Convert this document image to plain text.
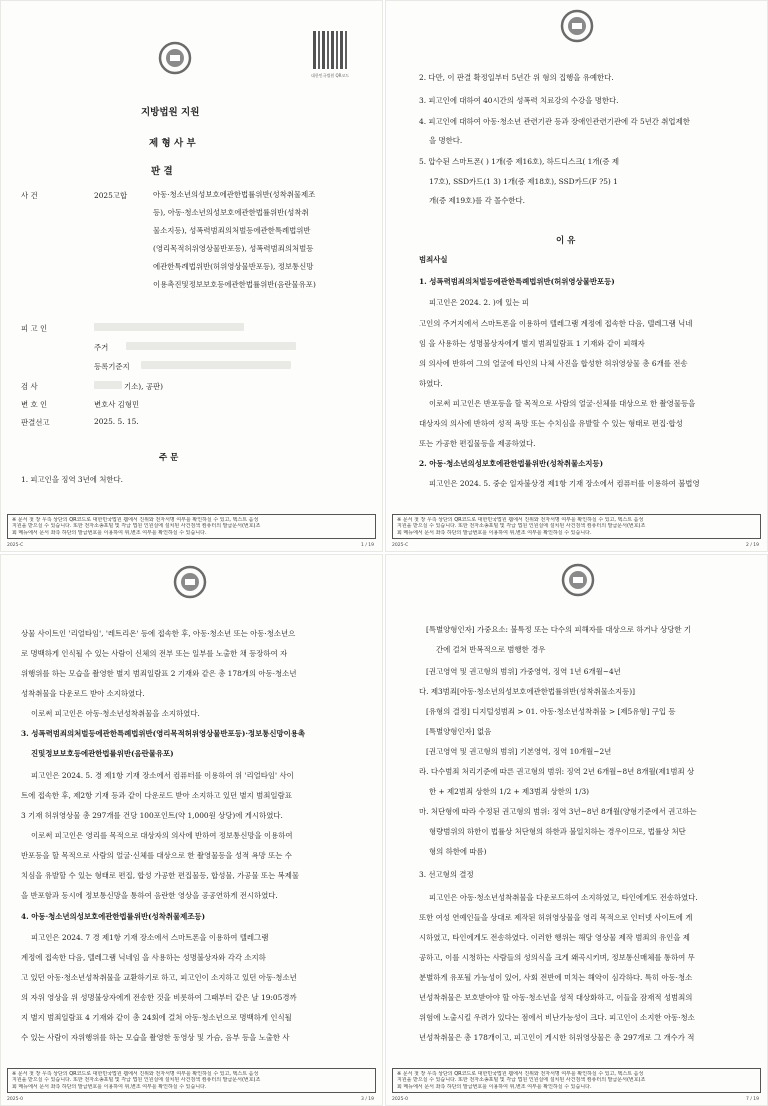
대한민국법원 QR코드
지방법원 지원
제 형 사 부
판 결
사 건	2025고합	아동·청소년의성보호에관한법률위반(성착취물제조
등), 아동·청소년의성보호에관한법률위반(성착취
물소지등), 성폭력범죄의처벌등에관한특례법위반
(영리목적허위영상물반포등), 성폭력범죄의처벌등
에관한특례법위반(허위영상물반포등), 정보통신망
이용촉진및정보보호등에관한법률위반(음란물유포)
피 고 인
주거
등록기준지
검 사	기소), 공판)
변 호 인	변호사 김형민
판결선고	2025. 5. 15.
주 문
1. 피고인을 징역 3년에 처한다.
※ 문서 첫 장 우측 상단의 QR코드로 대한민국법원 웹에서 진위와 전자서명 여부를 확인하실 수 있고, 텍스트 음성
지원을 받으실 수 있습니다. 또한 전자소송포털 및 각급 법원 인원실에 설치된 사건검색 컴퓨터의 발급문서(번호)조
회 메뉴에서 문서 좌측 하단의 발급번호를 이용하여 위,변조 여부를 확인하실 수 있습니다.
2025-C	1 / 19
2. 다만, 이 판결 확정일부터 5년간 위 형의 집행을 유예한다.
3. 피고인에 대하여 40시간의 성폭력 치료강의 수강을 명한다.
4. 피고인에 대하여 아동·청소년 관련기관 등과 장애인관련기관에 각 5년간 취업제한
을 명한다.
5. 압수된 스마트폰( ) 1개(증 제16호), 하드디스크( 1개(증 제
17호), SSD카드(1 3) 1개(증 제18호), SSD카드(F ?5) 1
개(증 제19호)를 각 몰수한다.
이 유
범죄사실
1. 성폭력범죄의처벌등에관한특례법위반(허위영상물반포등)
피고인은 2024. 2. )에 있는 피
고인의 주거지에서 스마트폰을 이용하여 텔레그램 계정에 접속한 다음, 텔레그램 닉네
임 을 사용하는 성명불상자에게 별지 범죄일람표 1 기재와 같이 피해자
의 의사에 반하여 그의 얼굴에 타인의 나체 사진을 합성한 허위영상물 총 6개를 전송
하였다.
이로써 피고인은 반포등을 할 목적으로 사람의 얼굴·신체를 대상으로 한 촬영물등을
대상자의 의사에 반하여 성적 욕망 또는 수치심을 유발할 수 있는 형태로 편집·합성
또는 가공한 편집물등을 제공하였다.
2. 아동·청소년의성보호에관한법률위반(성착취물소지등)
피고인은 2024. 5. 중순 일자불상경 제1항 기재 장소에서 컴퓨터를 이용하여 불법영
※ 문서 첫 장 우측 상단의 QR코드로 대한민국법원 웹에서 진위와 전자서명 여부를 확인하실 수 있고, 텍스트 음성
지원을 받으실 수 있습니다. 또한 전자소송포털 및 각급 법원 인원실에 설치된 사건검색 컴퓨터의 발급문서(번호)조
회 메뉴에서 문서 좌측 하단의 발급번호를 이용하여 위,변조 여부를 확인하실 수 있습니다.
2025-C	2 / 19
상물 사이트인 '리얼타임', '레트리온' 등에 접속한 후, 아동·청소년 또는 아동·청소년으
로 명백하게 인식될 수 있는 사람이 신체의 전부 또는 일부를 노출한 채 등장하여 자
위행위를 하는 모습을 촬영한 별지 범죄일람표 2 기재와 같은 총 178개의 아동·청소년
성착취물을 다운로드 받아 소지하였다.
이로써 피고인은 아동·청소년성착취물을 소지하였다.
3. 성폭력범죄의처벌등에관한특례법위반(영리목적허위영상물반포등)·정보통신망이용촉
진및정보보호등에관한법률위반(음란물유포)
피고인은 2024. 5. 경 제1항 기재 장소에서 컴퓨터를 이용하여 위 '리얼타임' 사이
트에 접속한 후, 제2항 기재 등과 같이 다운로드 받아 소지하고 있던 별지 범죄일람표
3 기재 허위영상물 총 297개를 건당 100포인트(약 1,000원 상당)에 게시하였다.
이로써 피고인은 영리를 목적으로 대상자의 의사에 반하여 정보통신망을 이용하여
반포등을 할 목적으로 사람의 얼굴·신체를 대상으로 한 촬영물등을 성적 욕망 또는 수
치심을 유발할 수 있는 형태로 편집, 합성 가공한 편집물등, 합성물, 가공물 또는 복제물
을 반포함과 동시에 정보통신망을 통하여 음란한 영상을 공공연하게 전시하였다.
4. 아동·청소년의성보호에관한법률위반(성착취물제조등)
피고인은 2024. 7 경 제1항 기재 장소에서 스마트폰을 이용하여 텔레그램
계정에 접속한 다음, 텔레그램 닉네임 을 사용하는 성명불상자와 각각 소지하
고 있던 아동·청소년성착취물을 교환하기로 하고, 피고인이 소지하고 있던 아동·청소년
의 자위 영상을 위 성명불상자에게 전송한 것을 비롯하여 그때부터 같은 날 19:05경까
지 별지 범죄일람표 4 기재와 같이 총 24회에 걸쳐 아동·청소년으로 명백하게 인식될
수 있는 사람이 자위행위를 하는 모습을 촬영한 동영상 및 가슴, 음부 등을 노출한 사
※ 문서 첫 장 우측 상단의 QR코드로 대한민국법원 웹에서 진위와 전자서명 여부를 확인하실 수 있고, 텍스트 음성
지원을 받으실 수 있습니다. 또한 전자소송포털 및 각급 법원 인원실에 설치된 사건검색 컴퓨터의 발급문서(번호)조
회 메뉴에서 문서 좌측 하단의 발급번호를 이용하여 위,변조 여부를 확인하실 수 있습니다.
2025-0	3 / 19
[특별양형인자] 가중요소: 불특정 또는 다수의 피해자를 대상으로 하거나 상당한 기
간에 걸쳐 반복적으로 범행한 경우
[권고영역 및 권고형의 범위] 가중영역, 징역 1년 6개월~4년
다. 제3범죄[아동·청소년의성보호에관한법률위반(성착취물소지등)]
[유형의 결정] 디지털성범죄 > 01. 아동·청소년성착취물 > [제5유형] 구입 등
[특별양형인자] 없음
[권고영역 및 권고형의 범위] 기본영역, 징역 10개월~2년
라. 다수범죄 처리기준에 따른 권고형의 범위: 징역 2년 6개월~8년 8개월(제1범죄 상
한 + 제2범죄 상한의 1/2 + 제3범죄 상한의 1/3)
마. 처단형에 따라 수정된 권고형의 범위: 징역 3년~8년 8개월(양형기준에서 권고하는
형량범위의 하한이 법률상 처단형의 하한과 불일치하는 경우이므로, 법률상 처단
형의 하한에 따름)
3. 선고형의 결정
피고인은 아동·청소년성착취물을 다운로드하여 소지하였고, 타인에게도 전송하였다.
또한 여성 연예인들을 상대로 제작된 허위영상물을 영리 목적으로 인터넷 사이트에 게
시하였고, 타인에게도 전송하였다. 이러한 행위는 해당 영상물 제작 범죄의 유인을 제
공하고, 이를 시청하는 사람들의 성의식을 크게 왜곡시키며, 정보통신매체를 통하여 무
분별하게 유포될 가능성이 있어, 사회 전반에 미치는 해악이 심각하다. 특히 아동·청소
년성착취물은 보호받아야 할 아동·청소년을 성적 대상화하고, 이들을 잠재적 성범죄의
위험에 노출시킬 우려가 있다는 점에서 비난가능성이 크다. 피고인이 소지한 아동·청소
년성착취물은 총 178개이고, 피고인이 게시한 허위영상물은 총 297개로 그 개수가 적
※ 문서 첫 장 우측 상단의 QR코드로 대한민국법원 웹에서 진위와 전자서명 여부를 확인하실 수 있고, 텍스트 음성
지원을 받으실 수 있습니다. 또한 전자소송포털 및 각급 법원 인원실에 설치된 사건검색 컴퓨터의 발급문서(번호)조
회 메뉴에서 문서 좌측 하단의 발급번호를 이용하여 위,변조 여부를 확인하실 수 있습니다.
2025-0	7 / 19
